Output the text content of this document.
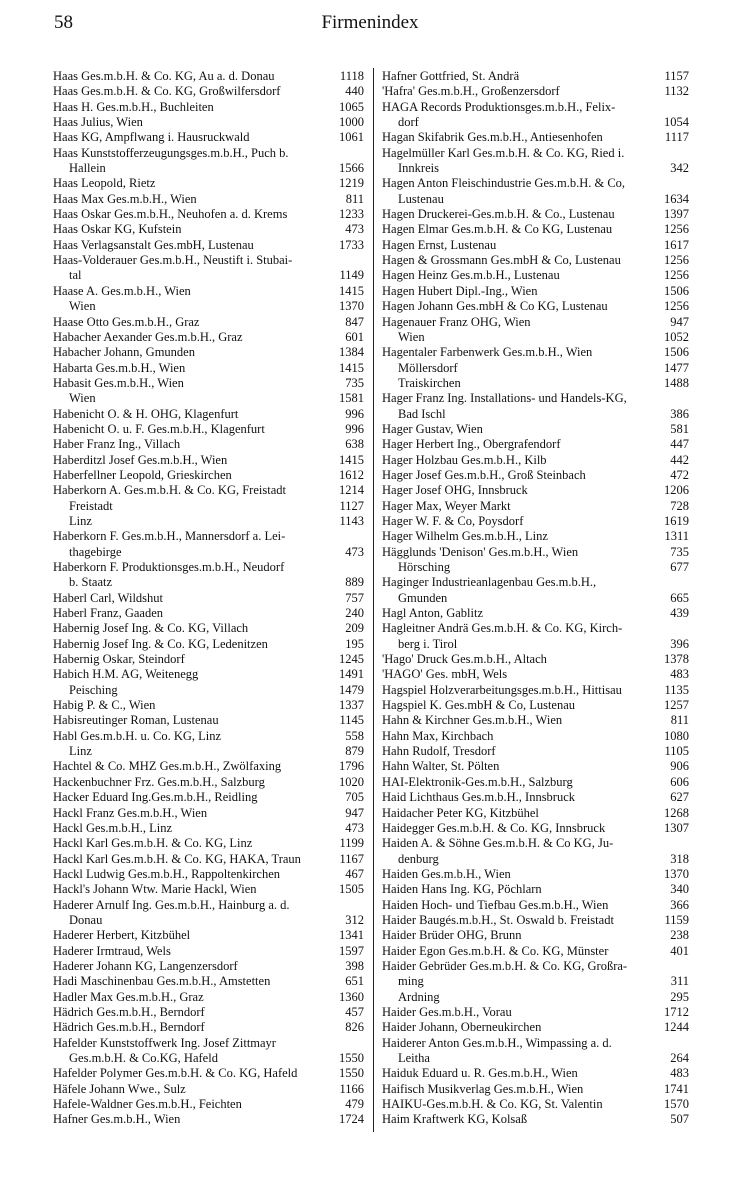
58	Firmenindex
Haas Ges.m.b.H. & Co. KG, Au a. d. Donau	1118
Haas Ges.m.b.H. & Co. KG, Großwilfersdorf	440
Haas H. Ges.m.b.H., Buchleiten	1065
Haas Julius, Wien	1000
Haas KG, Ampflwang i. Hausruckwald	1061
Haas Kunststofferzeugungsges.m.b.H., Puch b.
Hallein	1566
Haas Leopold, Rietz	1219
Haas Max Ges.m.b.H., Wien	811
Haas Oskar Ges.m.b.H., Neuhofen a. d. Krems	1233
Haas Oskar KG, Kufstein	473
Haas Verlagsanstalt Ges.mbH, Lustenau	1733
Haas-Volderauer Ges.m.b.H., Neustift i. Stubai-
tal	1149
Haase A. Ges.m.b.H., Wien	1415
Wien	1370
Haase Otto Ges.m.b.H., Graz	847
Habacher Aexander Ges.m.b.H., Graz	601
Habacher Johann, Gmunden	1384
Habarta Ges.m.b.H., Wien	1415
Habasit Ges.m.b.H., Wien	735
Wien	1581
Habenicht O. & H. OHG, Klagenfurt	996
Habenicht O. u. F. Ges.m.b.H., Klagenfurt	996
Haber Franz Ing., Villach	638
Haberditzl Josef Ges.m.b.H., Wien	1415
Haberfellner Leopold, Grieskirchen	1612
Haberkorn A. Ges.m.b.H. & Co. KG, Freistadt	1214
Freistadt	1127
Linz	1143
Haberkorn F. Ges.m.b.H., Mannersdorf a. Lei-
thagebirge	473
Haberkorn F. Produktionsges.m.b.H., Neudorf
b. Staatz	889
Haberl Carl, Wildshut	757
Haberl Franz, Gaaden	240
Habernig Josef Ing. & Co. KG, Villach	209
Habernig Josef Ing. & Co. KG, Ledenitzen	195
Habernig Oskar, Steindorf	1245
Habich H.M. AG, Weitenegg	1491
Peisching	1479
Habig P. & C., Wien	1337
Habisreutinger Roman, Lustenau	1145
Habl Ges.m.b.H. u. Co. KG, Linz	558
Linz	879
Hachtel & Co. MHZ Ges.m.b.H., Zwölfaxing	1796
Hackenbuchner Frz. Ges.m.b.H., Salzburg	1020
Hacker Eduard Ing.Ges.m.b.H., Reidling	705
Hackl Franz Ges.m.b.H., Wien	947
Hackl Ges.m.b.H., Linz	473
Hackl Karl Ges.m.b.H. & Co. KG, Linz	1199
Hackl Karl Ges.m.b.H. & Co. KG, HAKA, Traun	1167
Hackl Ludwig Ges.m.b.H., Rappoltenkirchen	467
Hackl's Johann Wtw. Marie Hackl, Wien	1505
Haderer Arnulf Ing. Ges.m.b.H., Hainburg a. d.
Donau	312
Haderer Herbert, Kitzbühel	1341
Haderer Irmtraud, Wels	1597
Haderer Johann KG, Langenzersdorf	398
Hadi Maschinenbau Ges.m.b.H., Amstetten	651
Hadler Max Ges.m.b.H., Graz	1360
Hädrich Ges.m.b.H., Berndorf	457
Hädrich Ges.m.b.H., Berndorf	826
Hafelder Kunststoffwerk Ing. Josef Zittmayr
Ges.m.b.H. & Co.KG, Hafeld	1550
Hafelder Polymer Ges.m.b.H. & Co. KG, Hafeld	1550
Häfele Johann Wwe., Sulz	1166
Hafele-Waldner Ges.m.b.H., Feichten	479
Hafner Ges.m.b.H., Wien	1724
Hafner Gottfried, St. Andrä	1157
'Hafra' Ges.m.b.H., Großenzersdorf	1132
HAGA Records Produktionsges.m.b.H., Felix-
dorf	1054
Hagan Skifabrik Ges.m.b.H., Antiesenhofen	1117
Hagelmüller Karl Ges.m.b.H. & Co. KG, Ried i.
Innkreis	342
Hagen Anton Fleischindustrie Ges.m.b.H. & Co,
Lustenau	1634
Hagen Druckerei-Ges.m.b.H. & Co., Lustenau	1397
Hagen Elmar Ges.m.b.H. & Co KG, Lustenau	1256
Hagen Ernst, Lustenau	1617
Hagen & Grossmann Ges.mbH & Co, Lustenau	1256
Hagen Heinz Ges.m.b.H., Lustenau	1256
Hagen Hubert Dipl.-Ing., Wien	1506
Hagen Johann Ges.mbH & Co KG, Lustenau	1256
Hagenauer Franz OHG, Wien	947
Wien	1052
Hagentaler Farbenwerk Ges.m.b.H., Wien	1506
Möllersdorf	1477
Traiskirchen	1488
Hager Franz Ing. Installations- und Handels-KG,
Bad Ischl	386
Hager Gustav, Wien	581
Hager Herbert Ing., Obergrafendorf	447
Hager Holzbau Ges.m.b.H., Kilb	442
Hager Josef Ges.m.b.H., Groß Steinbach	472
Hager Josef OHG, Innsbruck	1206
Hager Max, Weyer Markt	728
Hager W. F. & Co, Poysdorf	1619
Hager Wilhelm Ges.m.b.H., Linz	1311
Hägglunds 'Denison' Ges.m.b.H., Wien	735
Hörsching	677
Haginger Industrieanlagenbau Ges.m.b.H.,
Gmunden	665
Hagl Anton, Gablitz	439
Hagleitner Andrä Ges.m.b.H. & Co. KG, Kirch-
berg i. Tirol	396
'Hago' Druck Ges.m.b.H., Altach	1378
'HAGO' Ges. mbH, Wels	483
Hagspiel Holzverarbeitungsges.m.b.H., Hittisau	1135
Hagspiel K. Ges.mbH & Co, Lustenau	1257
Hahn & Kirchner Ges.m.b.H., Wien	811
Hahn Max, Kirchbach	1080
Hahn Rudolf, Tresdorf	1105
Hahn Walter, St. Pölten	906
HAI-Elektronik-Ges.m.b.H., Salzburg	606
Haid Lichthaus Ges.m.b.H., Innsbruck	627
Haidacher Peter KG, Kitzbühel	1268
Haidegger Ges.m.b.H. & Co. KG, Innsbruck	1307
Haiden A. & Söhne Ges.m.b.H. & Co KG, Ju-
denburg	318
Haiden Ges.m.b.H., Wien	1370
Haiden Hans Ing. KG, Pöchlarn	340
Haiden Hoch- und Tiefbau Ges.m.b.H., Wien	366
Haider Baugés.m.b.H., St. Oswald b. Freistadt	1159
Haider Brüder OHG, Brunn	238
Haider Egon Ges.m.b.H. & Co. KG, Münster	401
Haider Gebrüder Ges.m.b.H. & Co. KG, Großra-
ming	311
Ardning	295
Haider Ges.m.b.H., Vorau	1712
Haider Johann, Oberneukirchen	1244
Haiderer Anton Ges.m.b.H., Wimpassing a. d.
Leitha	264
Haiduk Eduard u. R. Ges.m.b.H., Wien	483
Haifisch Musikverlag Ges.m.b.H., Wien	1741
HAIKU-Ges.m.b.H. & Co. KG, St. Valentin	1570
Haim Kraftwerk KG, Kolsaß	507
